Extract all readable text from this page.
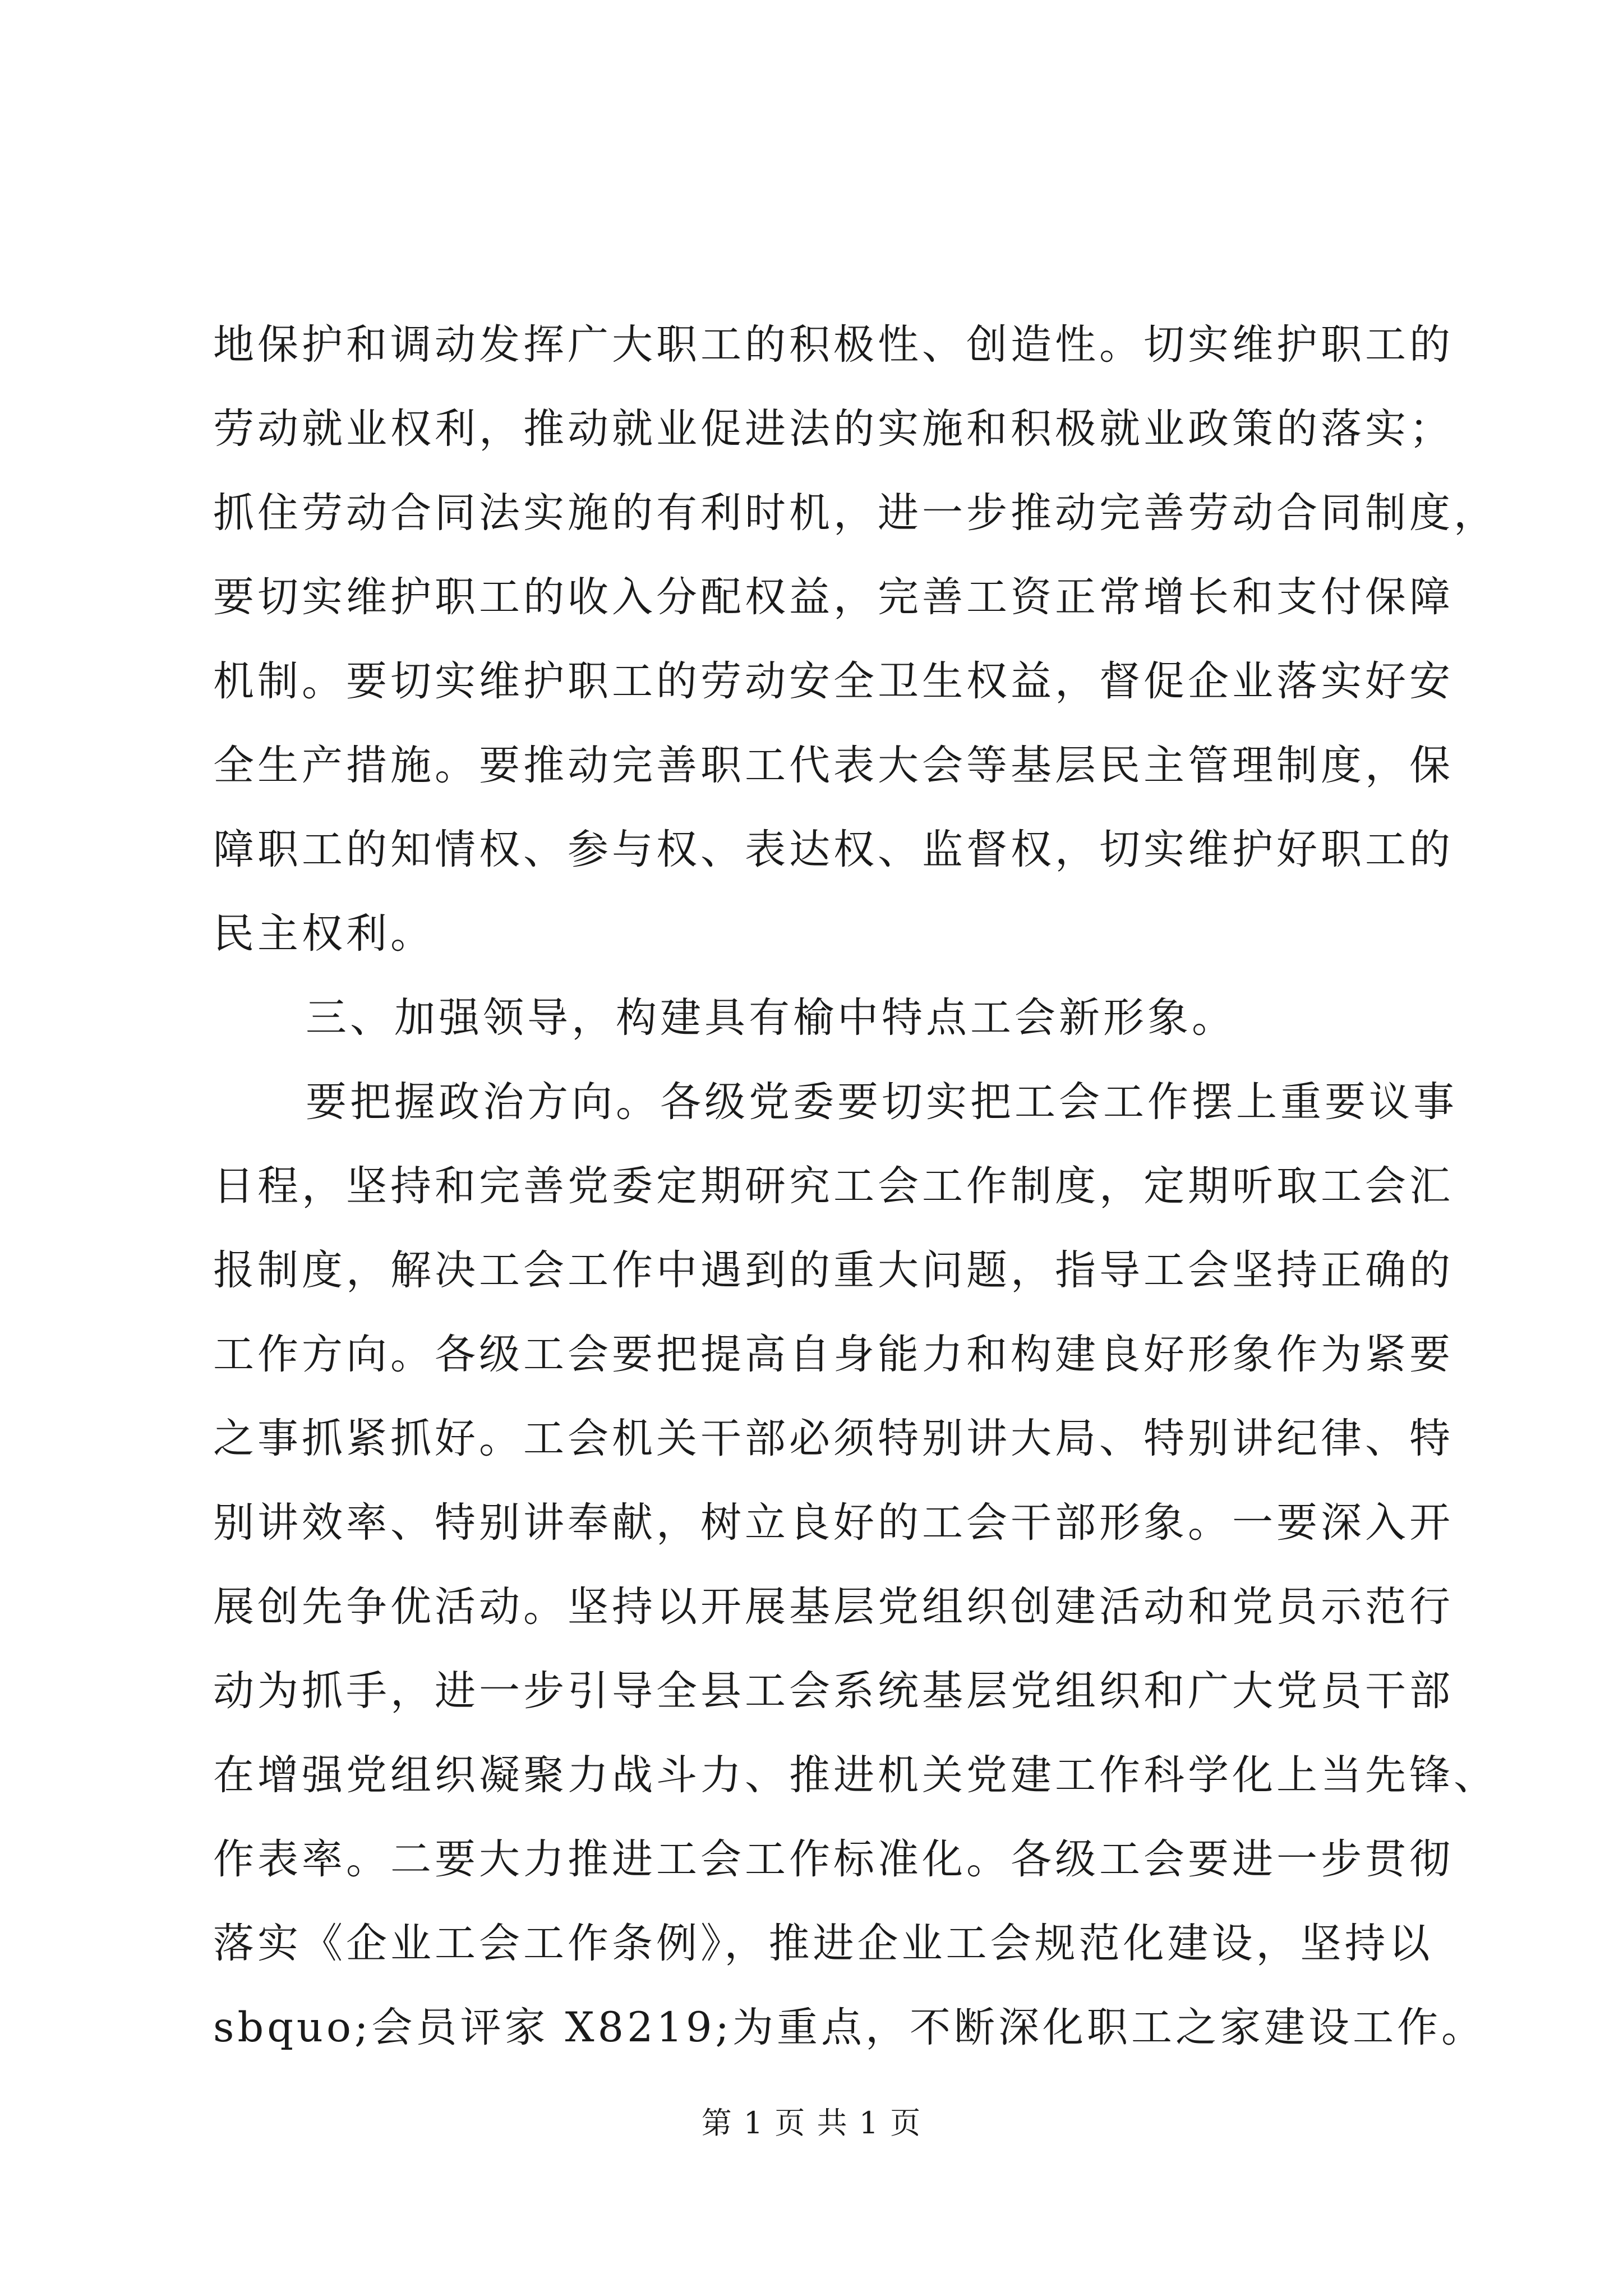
地保护和调动发挥广大职工的积极性、创造性。切实维护职工的
劳动就业权利，推动就业促进法的实施和积极就业政策的落实；
抓住劳动合同法实施的有利时机，进一步推动完善劳动合同制度，
要切实维护职工的收入分配权益，完善工资正常增长和支付保障
机制。要切实维护职工的劳动安全卫生权益，督促企业落实好安
全生产措施。要推动完善职工代表大会等基层民主管理制度，保
障职工的知情权、参与权、表达权、监督权，切实维护好职工的
民主权利。
三、加强领导，构建具有榆中特点工会新形象。
要把握政治方向。各级党委要切实把工会工作摆上重要议事
日程，坚持和完善党委定期研究工会工作制度，定期听取工会汇
报制度，解决工会工作中遇到的重大问题，指导工会坚持正确的
工作方向。各级工会要把提高自身能力和构建良好形象作为紧要
之事抓紧抓好。工会机关干部必须特别讲大局、特别讲纪律、特
别讲效率、特别讲奉献，树立良好的工会干部形象。一要深入开
展创先争优活动。坚持以开展基层党组织创建活动和党员示范行
动为抓手，进一步引导全县工会系统基层党组织和广大党员干部
在增强党组织凝聚力战斗力、推进机关党建工作科学化上当先锋、
作表率。二要大力推进工会工作标准化。各级工会要进一步贯彻
落实《企业工会工作条例》，推进企业工会规范化建设，坚持以
sbquo;会员评家 X8219;为重点，不断深化职工之家建设工作。
第 1 页 共 1 页
